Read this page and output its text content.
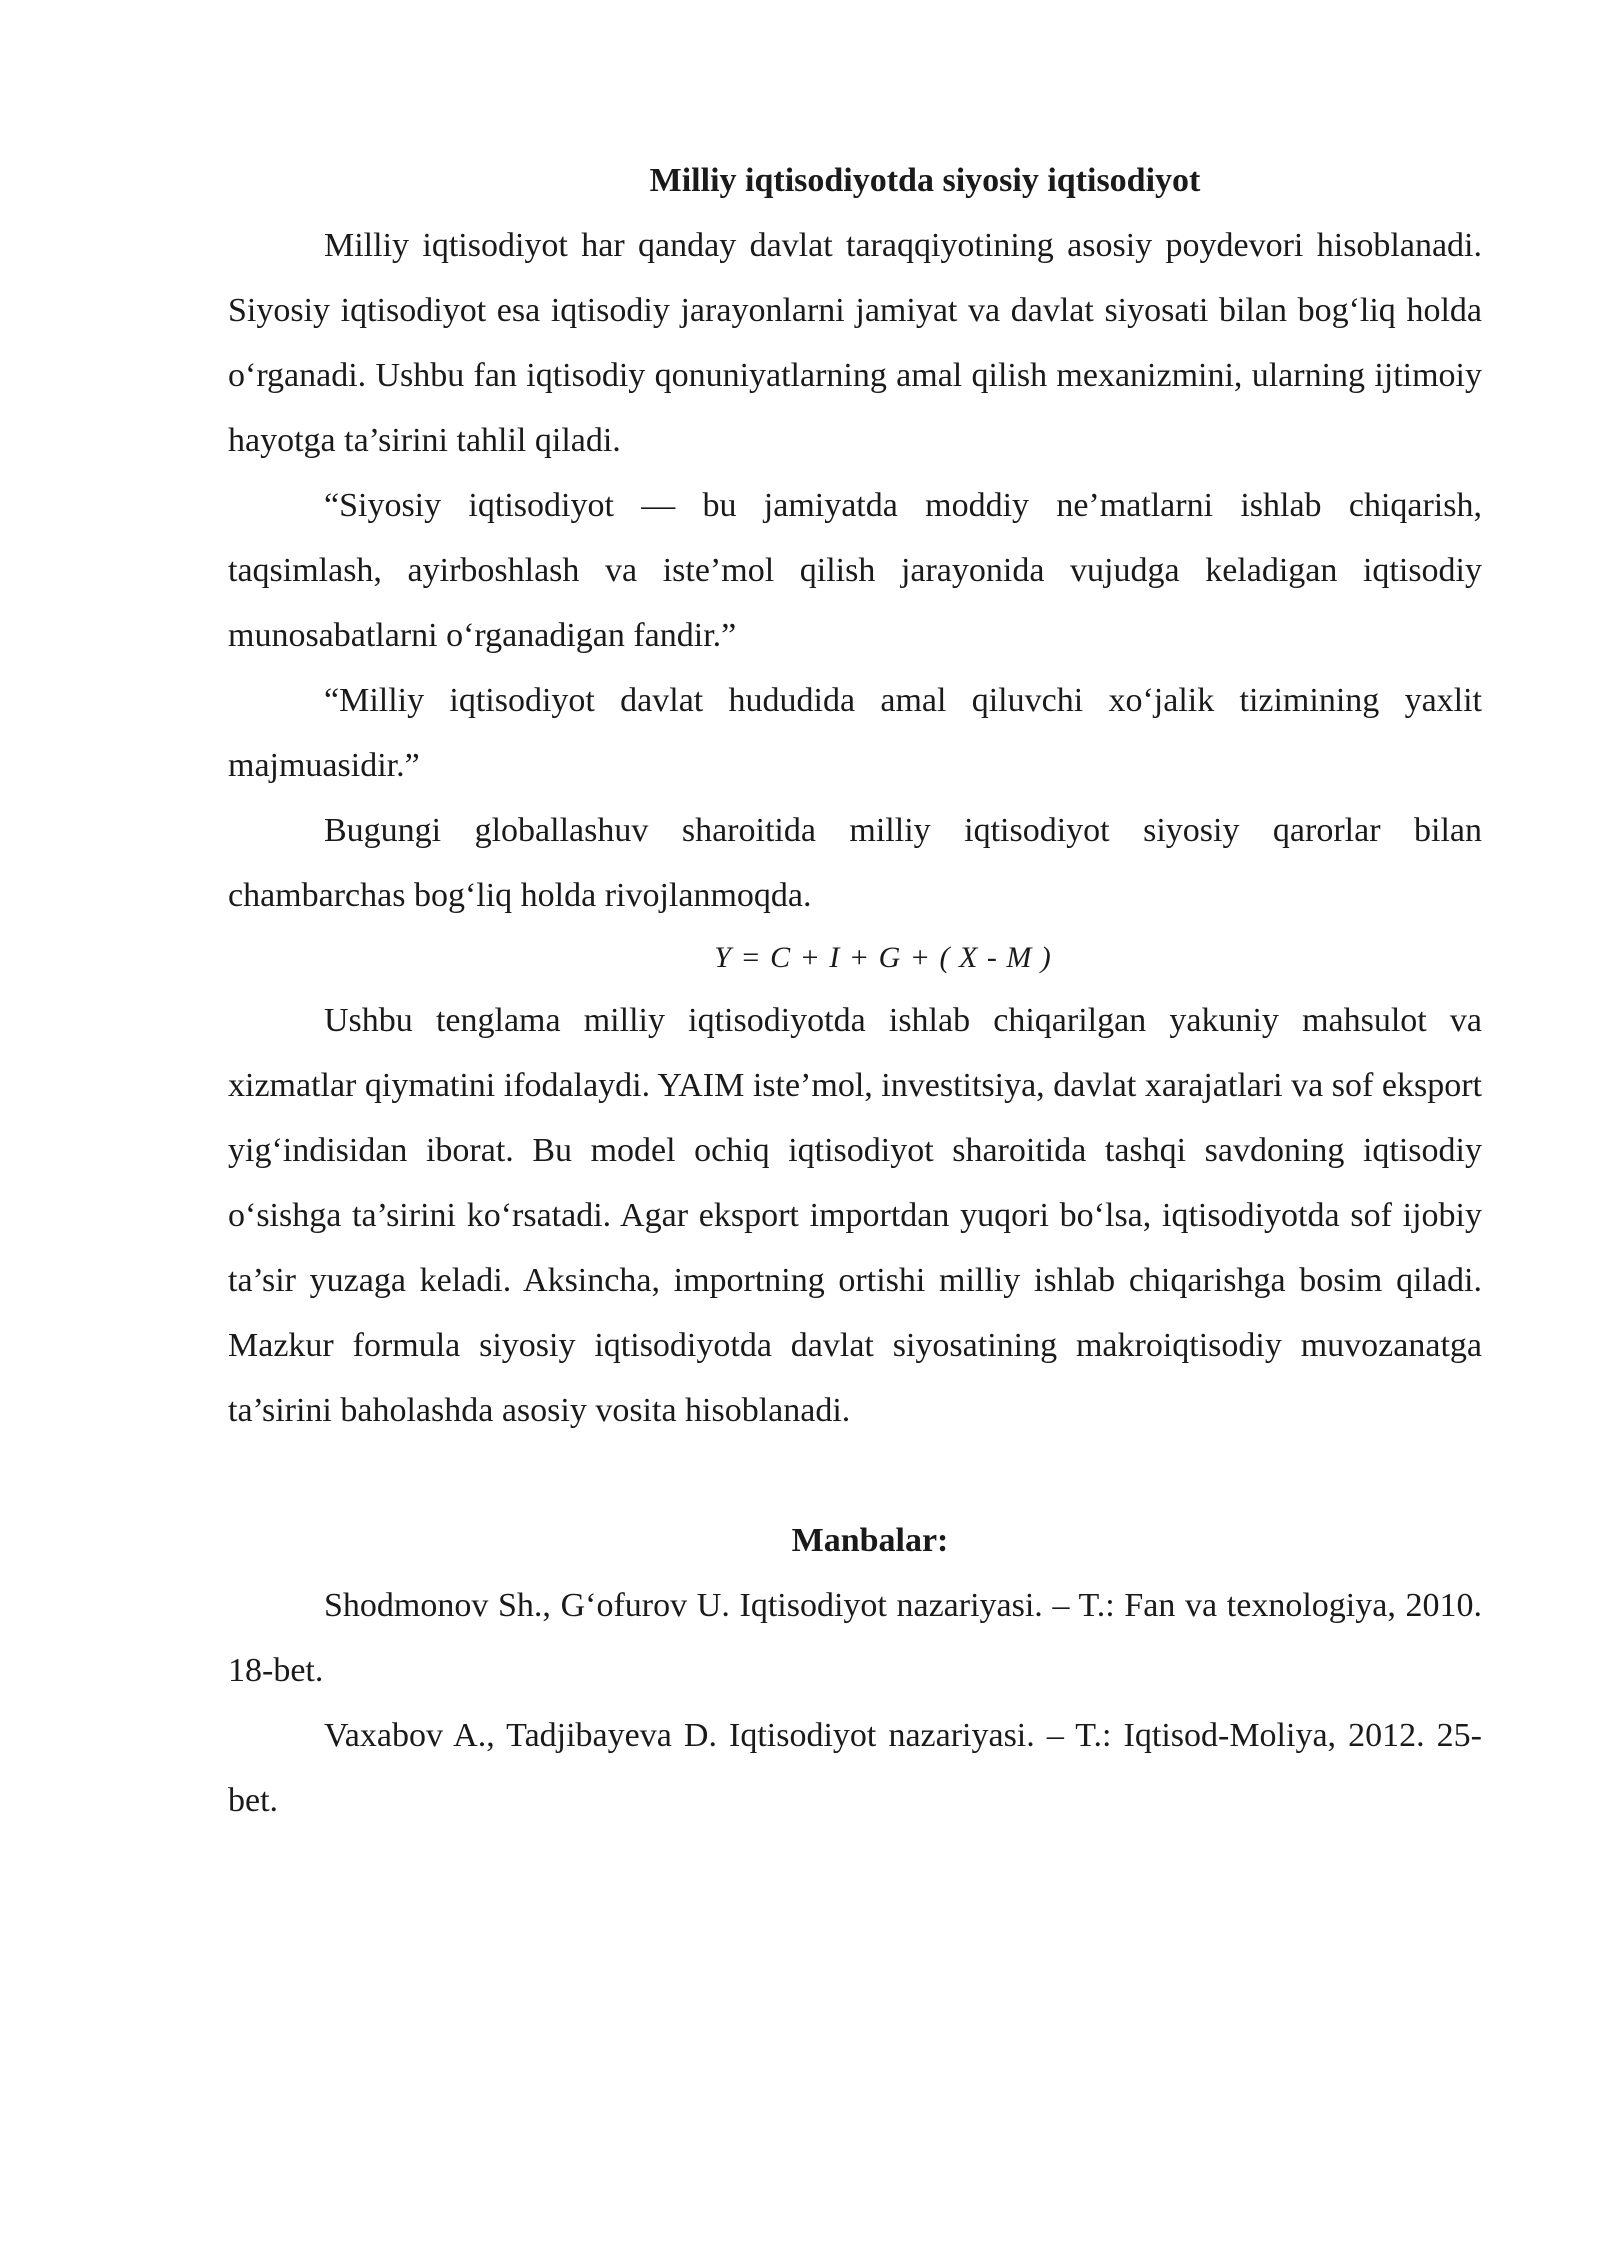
Milliy iqtisodiyotda siyosiy iqtisodiyot

Milliy iqtisodiyot har qanday davlat taraqqiyotining asosiy poydevori hisoblanadi. Siyosiy iqtisodiyot esa iqtisodiy jarayonlarni jamiyat va davlat siyosati bilan bog‘liq holda o‘rganadi. Ushbu fan iqtisodiy qonuniyatlarning amal qilish mexanizmini, ularning ijtimoiy hayotga ta’sirini tahlil qiladi.

“Siyosiy iqtisodiyot — bu jamiyatda moddiy ne’matlarni ishlab chiqarish, taqsimlash, ayirboshlash va iste’mol qilish jarayonida vujudga keladigan iqtisodiy munosabatlarni o‘rganadigan fandir.”

“Milliy iqtisodiyot davlat hududida amal qiluvchi xo‘jalik tizimining yaxlit majmuasidir.”

Bugungi globallashuv sharoitida milliy iqtisodiyot siyosiy qarorlar bilan chambarchas bog‘liq holda rivojlanmoqda.

Y = C + I + G + ( X - M )

Ushbu tenglama milliy iqtisodiyotda ishlab chiqarilgan yakuniy mahsulot va xizmatlar qiymatini ifodalaydi. YAIM iste’mol, investitsiya, davlat xarajatlari va sof eksport yig‘indisidan iborat. Bu model ochiq iqtisodiyot sharoitida tashqi savdoning iqtisodiy o‘sishga ta’sirini ko‘rsatadi. Agar eksport importdan yuqori bo‘lsa, iqtisodiyotda sof ijobiy ta’sir yuzaga keladi. Aksincha, importning ortishi milliy ishlab chiqarishga bosim qiladi. Mazkur formula siyosiy iqtisodiyotda davlat siyosatining makroiqtisodiy muvozanatga ta’sirini baholashda asosiy vosita hisoblanadi.

Manbalar:

Shodmonov Sh., G‘ofurov U. Iqtisodiyot nazariyasi. – T.: Fan va texnologiya, 2010. 18-bet.

Vaxabov A., Tadjibayeva D. Iqtisodiyot nazariyasi. – T.: Iqtisod-Moliya, 2012. 25-bet.
